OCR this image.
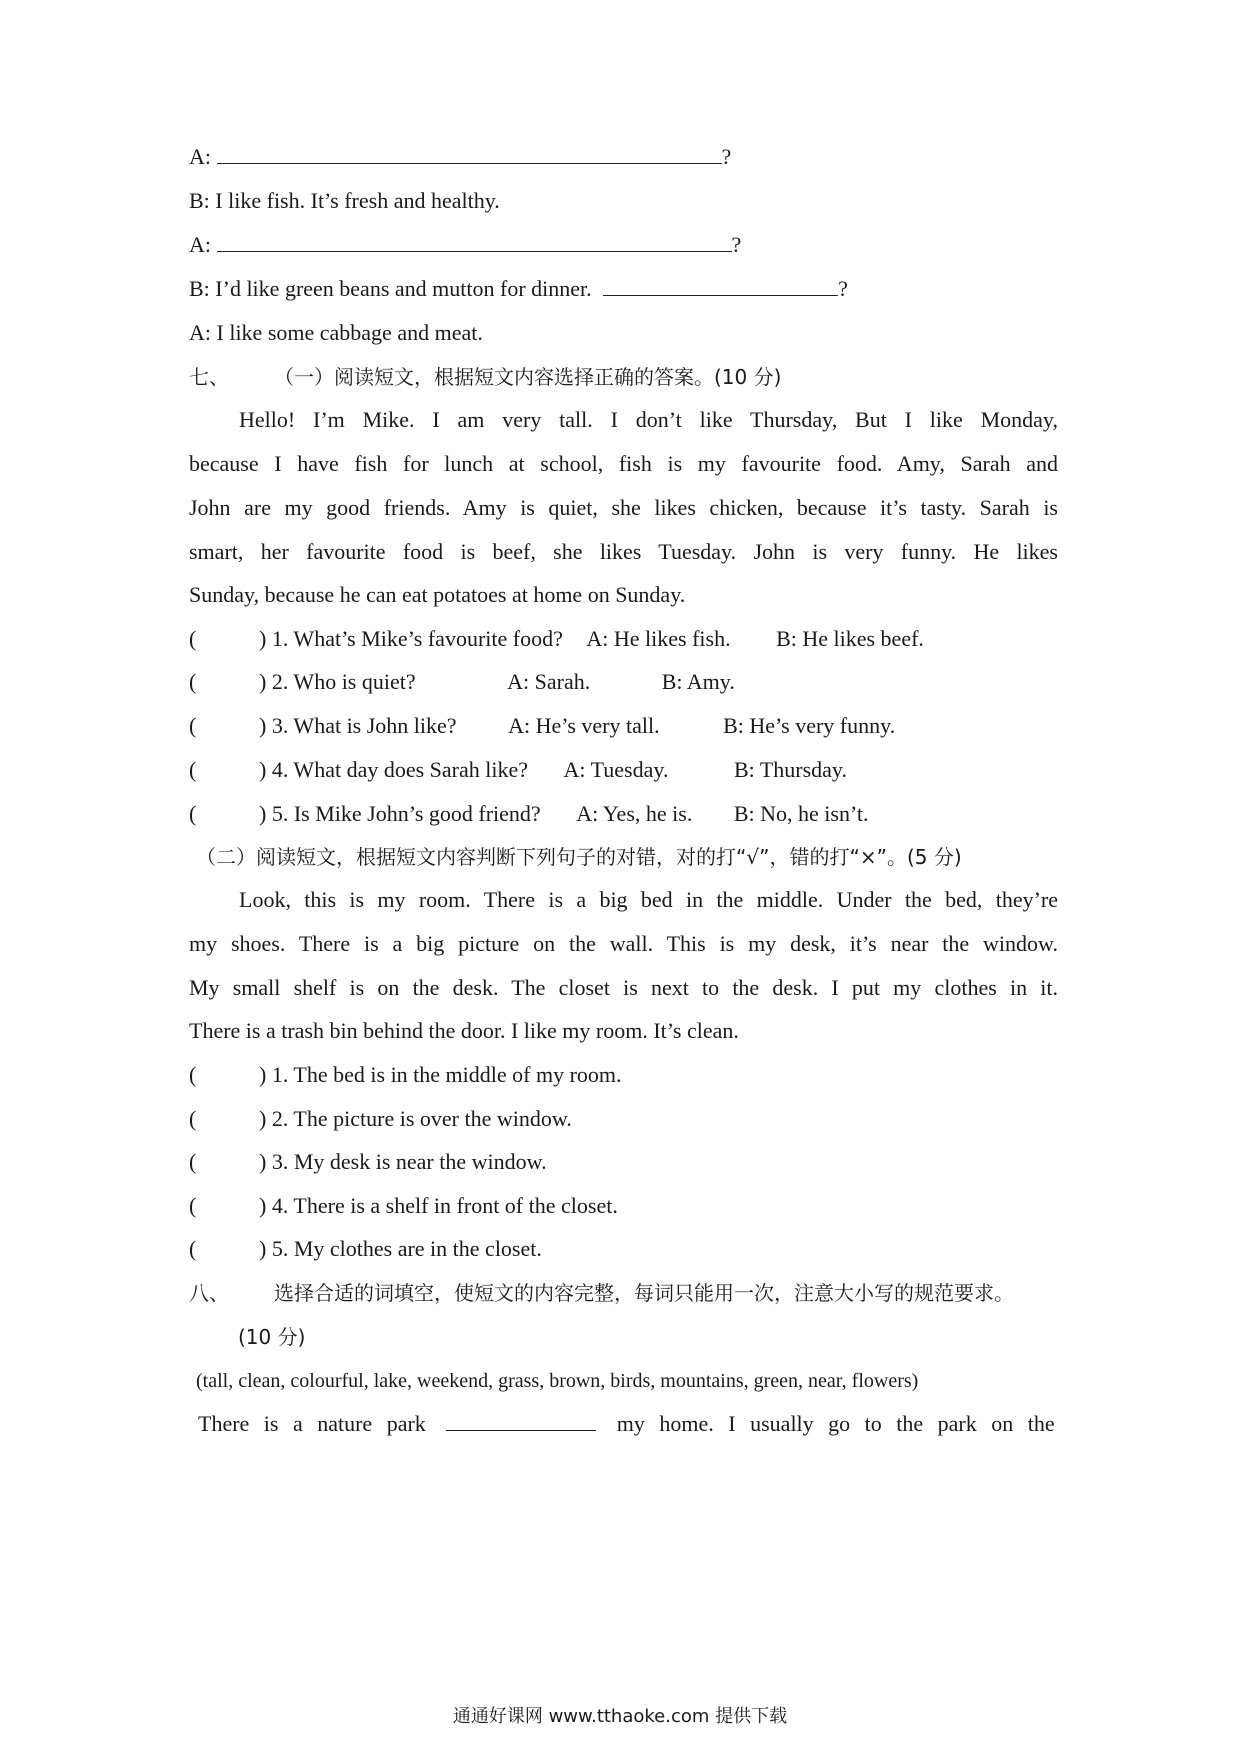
A:	?
B: I like fish. It’s fresh and healthy.
A:	?
B: I’d like green beans and mutton for dinner.	?
A: I like some cabbage and meat.
七、 （一）阅读短文，根据短文内容选择正确的答案。(10 分)
Hello! I’m Mike. I am very tall. I don’t like Thursday, But I like Monday,
because I have fish for lunch at school, fish is my favourite food. Amy, Sarah and
John are my good friends. Amy is quiet, she likes chicken, because it’s tasty. Sarah is
smart, her favourite food is beef, she likes Tuesday. John is very funny. He likes
Sunday, because he can eat potatoes at home on Sunday.
(	) 1. What’s Mike’s favourite food? A: He likes fish. B: He likes beef.
(	) 2. Who is quiet?	A: Sarah.	B: Amy.
(	) 3. What is John like? A: He’s very tall.	B: He’s very funny.
(	) 4. What day does Sarah like? A: Tuesday.	B: Thursday.
(	) 5. Is Mike John’s good friend? A: Yes, he is. B: No, he isn’t.
（二）阅读短文，根据短文内容判断下列句子的对错，对的打“√”，错的打“×”。(5 分)
Look, this is my room. There is a big bed in the middle. Under the bed, they’re
my shoes. There is a big picture on the wall. This is my desk, it’s near the window.
My small shelf is on the desk. The closet is next to the desk. I put my clothes in it.
There is a trash bin behind the door. I like my room. It’s clean.
(	) 1. The bed is in the middle of my room.
(	) 2. The picture is over the window.
(	) 3. My desk is near the window.
(	) 4. There is a shelf in front of the closet.
(	) 5. My clothes are in the closet.
八、 选择合适的词填空，使短文的内容完整，每词只能用一次，注意大小写的规范要求。
(10 分)
(tall, clean, colourful, lake, weekend, grass, brown, birds, mountains, green, near, flowers)
There is a nature park	my home. I usually go to the park on the
通通好课网 www.tthaoke.com 提供下载
